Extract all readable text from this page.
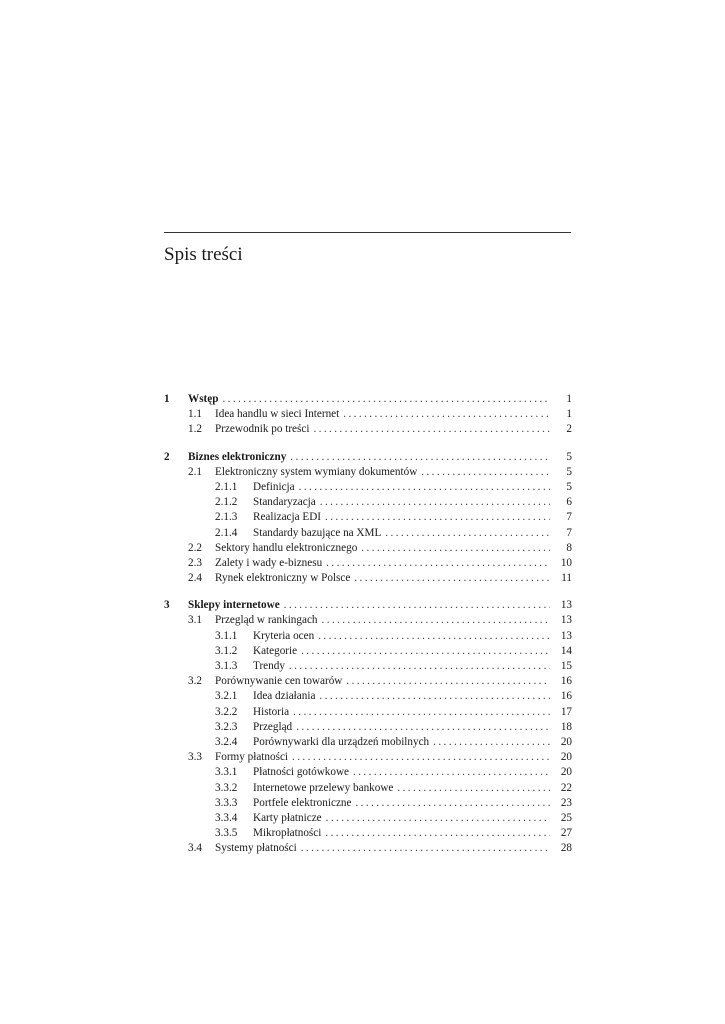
Spis treści
1 Wstęp .....	1
1.1 Idea handlu w sieci Internet .....	1
1.2 Przewodnik po treści .....	2
2 Biznes elektroniczny .....	5
2.1 Elektroniczny system wymiany dokumentów .....	5
2.1.1 Definicja .....	5
2.1.2 Standaryzacja .....	6
2.1.3 Realizacja EDI .....	7
2.1.4 Standardy bazujące na XML .....	7
2.2 Sektory handlu elektronicznego .....	8
2.3 Zalety i wady e-biznesu .....	10
2.4 Rynek elektroniczny w Polsce .....	11
3 Sklepy internetowe .....	13
3.1 Przegląd w rankingach .....	13
3.1.1 Kryteria ocen .....	13
3.1.2 Kategorie .....	14
3.1.3 Trendy .....	15
3.2 Porównywanie cen towarów .....	16
3.2.1 Idea działania .....	16
3.2.2 Historia .....	17
3.2.3 Przegląd .....	18
3.2.4 Porównywarki dla urządzeń mobilnych .....	20
3.3 Formy płatności .....	20
3.3.1 Płatności gotówkowe .....	20
3.3.2 Internetowe przelewy bankowe .....	22
3.3.3 Portfele elektroniczne .....	23
3.3.4 Karty płatnicze .....	25
3.3.5 Mikropłatności .....	27
3.4 Systemy płatności .....	28
